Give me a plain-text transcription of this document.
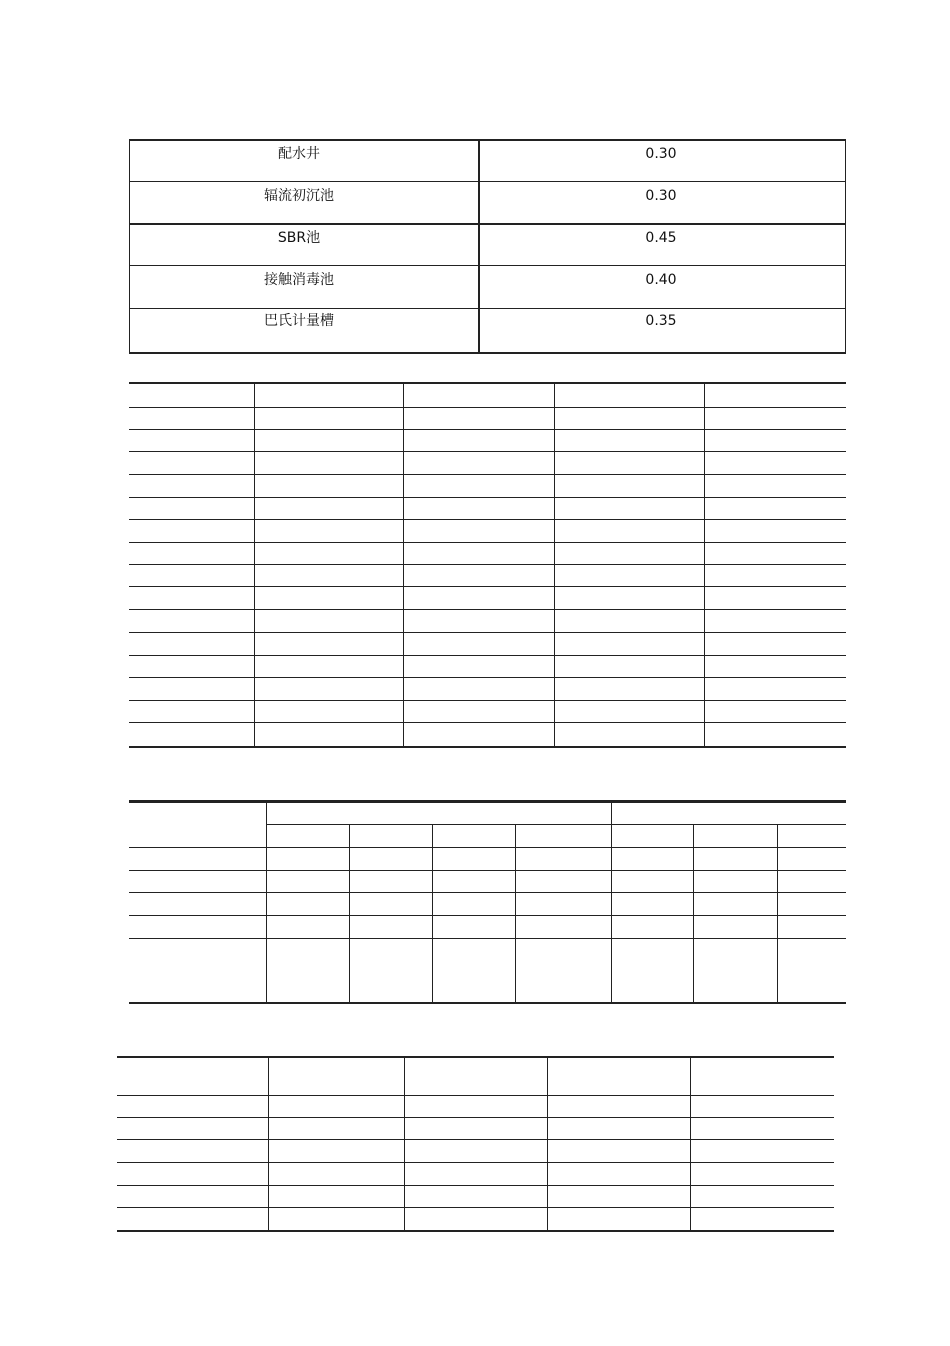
配水井	0.30
辐流初沉池	0.30
SBR池	0.45
接触消毒池	0.40
巴氏计量槽	0.35
